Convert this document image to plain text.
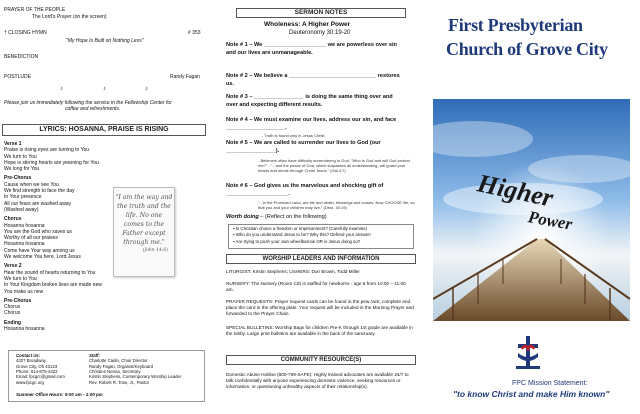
PRAYER OF THE PEOPLE
The Lord's Prayer (on the screen)
† CLOSING HYMN	# 353
"My Hope Is Built on Nothing Less"
BENEDICTION
POSTLUDE	Randy Fagan
♪	♪	♪
Please join us immediately following the service in the Fellowship Center for
coffee and refreshments.
LYRICS: HOSANNA, PRAISE IS RISING
Verse 1
Praise is rising eyes are turning to You
We turn to You
Hope is stirring hearts are yearning for You
We long for You
Pre-Chorus
Cause when we see You
We find strength to face the day
In Your presence
All our fears are washed away
(Washed away)
Chorus
Hosanna hosanna
You are the God who saves us
Worthy of all our praises
Hosanna hosanna
Come have Your way among us
We welcome You here, Lord Jesus
Verse 2
Hear the sound of hearts returning to You
We turn to You
In Your Kingdom broken lives are made new
You make us new
Pre-Chorus
Chorus
Chorus
Ending
Hosanna hosanna
"I am the way and
the truth and the
life. No one
comes to the
Father except
through me."
(John 14:6)
Contact Us:
4327 Broadway
Grove City, Oh 43123
Phone: 614-875-4322
Email: fpcgrc@gmail.com
www.fpcgc.org
Staff:
Charlotte Cadin, Choir Director
Randy Fagan, Organist/Keyboard
Christine Nenna, Secretary
Kirstin Stephens, Contemporary Worship Leader
Rev. Robert R. Tose, Jr., Pastor
Summer Office Hours: 9:00 am - 1:00 pm
SERMON NOTES
Wholeness: A Higher Power
Deuteronomy 30:19-20
Note # 1 – We ____________________ we are powerless over sin and our lives are unmanageable.
Note # 2 – We believe a ____________________________ restores us.
Note # 3 – ________________ is doing the same thing over and over and expecting different results.
Note # 4 – We must examine our lives, address our sin, and face ___________________.
- Truth is found only in Jesus Christ.
Note # 5 – We are called to surrender our lives to God (our ________________).
- Believers often have difficulty surrendering to God. "Who is God and will God protect me?" - "...and the peace of God, which surpasses all understanding, will guard your hearts and minds through Christ Jesus." (Gal 4:7)
Note # 6 – God gives us the marvelous and shocking gift of ____________________.
"...in the Promised Land, are life and death, blessings and curses. Now CHOOSE life, so that you and your children may live." (Deut. 30:19)
Worth doing – (Reflect on the following)
▪ Is Christian choice a freedom or imprisonment? (Carefully examine)
▪ Who do you understand Jesus to be? Why this? Defend your answer!
▪ Are trying to push your own wheelbarrow OR is Jesus doing so?
WORSHIP LEADERS AND INFORMATION
LITURGIST: Kristin Stephens; USHERS: Don Brown, Todd Miller
NURSERY: The Nursery (Room C8) is staffed for newborns - age 6 from 10:00 – 11:00 am.
PRAYER REQUESTS: Prayer request cards can be found in the pew rack; complete and place the card in the offering plate. Your request will be included in the Morning Prayer and forwarded to the Prayer Chain.
SPECIAL BULLETINS: Worship Bags for children Pre-K through 1st grade are available in the lobby. Large print bulletins are available in the back of the sanctuary.
COMMUNITY RESOURCE(S)
Domestic Abuse Hotline (800-799-SAFE): Highly trained advocates are available 24/7 to talk confidentially with anyone experiencing domestic violence, seeking resources or information, or questioning unhealthy aspects of their relationship(s).
First Presbyterian
Church of Grove City
Higher
Power
FPC Mission Statement:
"to know Christ and make Him known"
